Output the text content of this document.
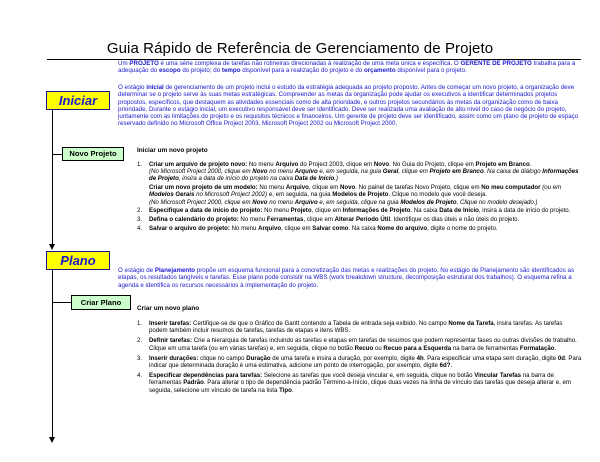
Guia Rápido de Referência de Gerenciamento de Projeto
Um PROJETO é uma série complexa de tarefas não rotineiras direcionadas à realização de uma meta única e específica. O GERENTE DE PROJETO trabalha para a adequação do escopo do projeto; do tempo disponível para a realização do projeto e do orçamento disponível para o projeto.
Iniciar
O estágio inicial de gerenciamento de um projeto inclui o estudo da estratégia adequada ao projeto proposto. Antes de começar um novo projeto, a organização deve determinar se o projeto serve às suas metas estratégicas. Compreender as metas da organização pode ajudar os executivos a identificar determinados projetos propostos, específicos, que destaquem as atividades essenciais como de alta prioridade, e outros projetos secundários às metas da organização como de baixa prioridade. Durante o estágio inicial, um executivo responsável deve ser identificado. Deve ser realizada uma avaliação de alto nível do caso de negócio do projeto, juntamente com as limitações do projeto e os requisitos técnicos e financeiros. Um gerente de projeto deve ser identificado, assim como um plano de projeto de espaço reservado definido no Microsoft Office Project 2003, Microsoft Project 2002 ou Microsoft Project 2000.
Novo Projeto	Iniciar um novo projeto
1. Criar um arquivo de projeto novo: No menu Arquivo do Project 2003, clique em Novo. No Guia do Projeto, clique em Projeto em Branco.
(No Microsoft Project 2000, clique em Novo no menu Arquivo e, em seguida, na guia Geral, clique em Projeto em Branco. Na caixa de diálogo Informações de Projeto, insira a data de início do projeto na caixa Data de Início.)
Criar um novo projeto de um modelo: No menu Arquivo, clique em Novo. No painel de tarefas Novo Projeto, clique em No meu computador (ou em Modelos Gerais no Microsoft Project 2002) e, em seguida, na guia Modelos de Projeto. Clique no modelo que você deseja.
(No Microsoft Project 2000, clique em Novo no menu Arquivo e, em seguida, clique na guia Modelos de Projeto. Clique no modelo desejado.)
2. Especifique a data de início do projeto: No menu Projeto, clique em Informações de Projeto. Na caixa Data de Início, insira a data de início do projeto.
3. Defina o calendário do projeto: No menu Ferramentas, clique em Alterar Período Útil. Identifique os dias úteis e não úteis do projeto.
4. Salvar o arquivo do projeto: No menu Arquivo, clique em Salvar como. Na caixa Nome do arquivo, digite o nome do projeto.
Plano
O estágio de Planejamento propõe um esquema funcional para a concretização das metas e realizações do projeto. No estágio de Planejamento são identificados as etapas, os resultados tangíveis e tarefas. Esse plano pode consistir na WBS (work breakdown structure, decomposição estrutural dos trabalhos). O esquema refina a agenda e identifica os recursos necessários à implementação do projeto.
Criar Plano
Criar um novo plano
1. Inserir tarefas: Certifique-se de que o Gráfico de Gantt contendo a Tabela de entrada seja exibido. No campo Nome da Tarefa, insira tarefas. As tarefas podem também incluir resumos de tarefas, tarefas de etapas e itens WBS.
2. Definir tarefas: Crie a hierarquia de tarefas incluindo as tarefas e etapas em tarefas de resumos que podem representar fases ou outras divisões de trabalho. Clique em uma tarefa (ou em várias tarefas) e, em seguida, clique no botão Recuo ou Recuo para a Esquerda na barra de ferramentas Formatação.
3. Inserir durações: clique no campo Duração de uma tarefa e insira a duração, por exemplo, digite 4h. Para especificar uma etapa sem duração, digite 0d. Para indicar que determinada duração é uma estimativa, adicione um ponto de interrogação, por exemplo, digite 6d?.
4. Especificar dependências para tarefas: Selecione as tarefas que você deseja vincular e, em seguida, clique no botão Vincular Tarefas na barra de ferramentas Padrão. Para alterar o tipo de dependência padrão Término-a-Início, clique duas vezes na linha de vínculo das tarefas que deseja alterar e, em seguida, selecione um vínculo de tarefa na lista Tipo.
